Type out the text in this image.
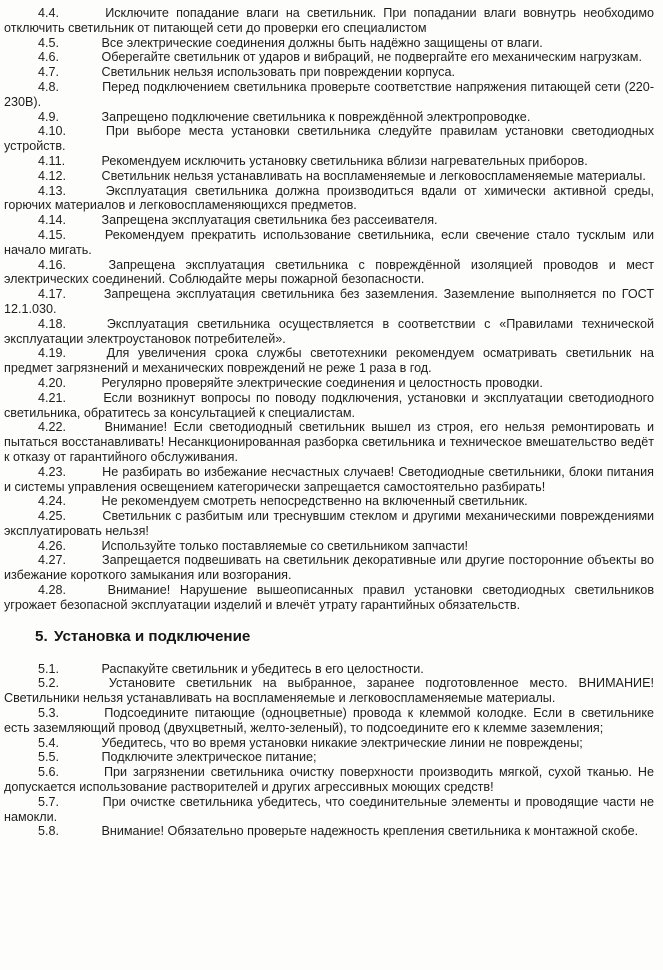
4.4.	Исключите попадание влаги на светильник. При попадании влаги вовнутрь необходимо отключить светильник от питающей сети до проверки его специалистом

4.5.	Все электрические соединения должны быть надёжно защищены от влаги.

4.6.	Оберегайте светильник от ударов и вибраций, не подвергайте его механическим нагрузкам.

4.7.	Светильник нельзя использовать при повреждении корпуса.

4.8.	Перед подключением светильника проверьте соответствие напряжения питающей сети (220-230В).

4.9.	Запрещено подключение светильника к повреждённой электропроводке.

4.10.	При выборе места установки светильника следуйте правилам установки светодиодных устройств.

4.11.	Рекомендуем исключить установку светильника вблизи нагревательных приборов.

4.12.	Светильник нельзя устанавливать на воспламеняемые и легковоспламеняемые материалы.

4.13.	Эксплуатация светильника должна производиться вдали от химически активной среды, горючих материалов и легковоспламеняющихся предметов.

4.14.	Запрещена эксплуатация светильника без рассеивателя.

4.15.	Рекомендуем прекратить использование светильника, если свечение стало тусклым или начало мигать.

4.16.	Запрещена эксплуатация светильника с повреждённой изоляцией проводов и мест электрических соединений. Соблюдайте меры пожарной безопасности.

4.17.	Запрещена эксплуатация светильника без заземления. Заземление выполняется по ГОСТ 12.1.030.

4.18.	Эксплуатация светильника осуществляется в соответствии с «Правилами технической эксплуатации электроустановок потребителей».

4.19.	Для увеличения срока службы светотехники рекомендуем осматривать светильник на предмет загрязнений и механических повреждений не реже 1 раза в год.

4.20.	Регулярно проверяйте электрические соединения и целостность проводки.

4.21.	Если возникнут вопросы по поводу подключения, установки и эксплуатации светодиодного светильника, обратитесь за консультацией к специалистам.

4.22.	Внимание! Если светодиодный светильник вышел из строя, его нельзя ремонтировать и пытаться восстанавливать! Несанкционированная разборка светильника и техническое вмешательство ведёт к отказу от гарантийного обслуживания.

4.23.	Не разбирать во избежание несчастных случаев! Светодиодные светильники, блоки питания и системы управления освещением категорически запрещается самостоятельно разбирать!

4.24.	Не рекомендуем смотреть непосредственно на включенный светильник.

4.25.	Светильник с разбитым или треснувшим стеклом и другими механическими повреждениями эксплуатировать нельзя!

4.26.	Используйте только поставляемые со светильником запчасти!

4.27.	Запрещается подвешивать на светильник декоративные или другие посторонние объекты во избежание короткого замыкания или возгорания.

4.28.	Внимание! Нарушение вышеописанных правил установки светодиодных светильников угрожает безопасной эксплуатации изделий и влечёт утрату гарантийных обязательств.

5. Установка и подключение

5.1.	Распакуйте светильник и убедитесь в его целостности.

5.2.	Установите светильник на выбранное, заранее подготовленное место. ВНИМАНИЕ! Светильники нельзя устанавливать на воспламеняемые и легковоспламеняемые материалы.

5.3.	Подсоедините питающие (одноцветные) провода к клеммой колодке. Если в светильнике есть заземляющий провод (двухцветный, желто-зеленый), то подсоедините его к клемме заземления;

5.4.	Убедитесь, что во время установки никакие электрические линии не повреждены;

5.5.	Подключите электрическое питание;

5.6.	При загрязнении светильника очистку поверхности производить мягкой, сухой тканью. Не допускается использование растворителей и других агрессивных моющих средств!

5.7.	При очистке светильника убедитесь, что соединительные элементы и проводящие части не намокли.

5.8.	Внимание! Обязательно проверьте надежность крепления светильника к монтажной скобе.
